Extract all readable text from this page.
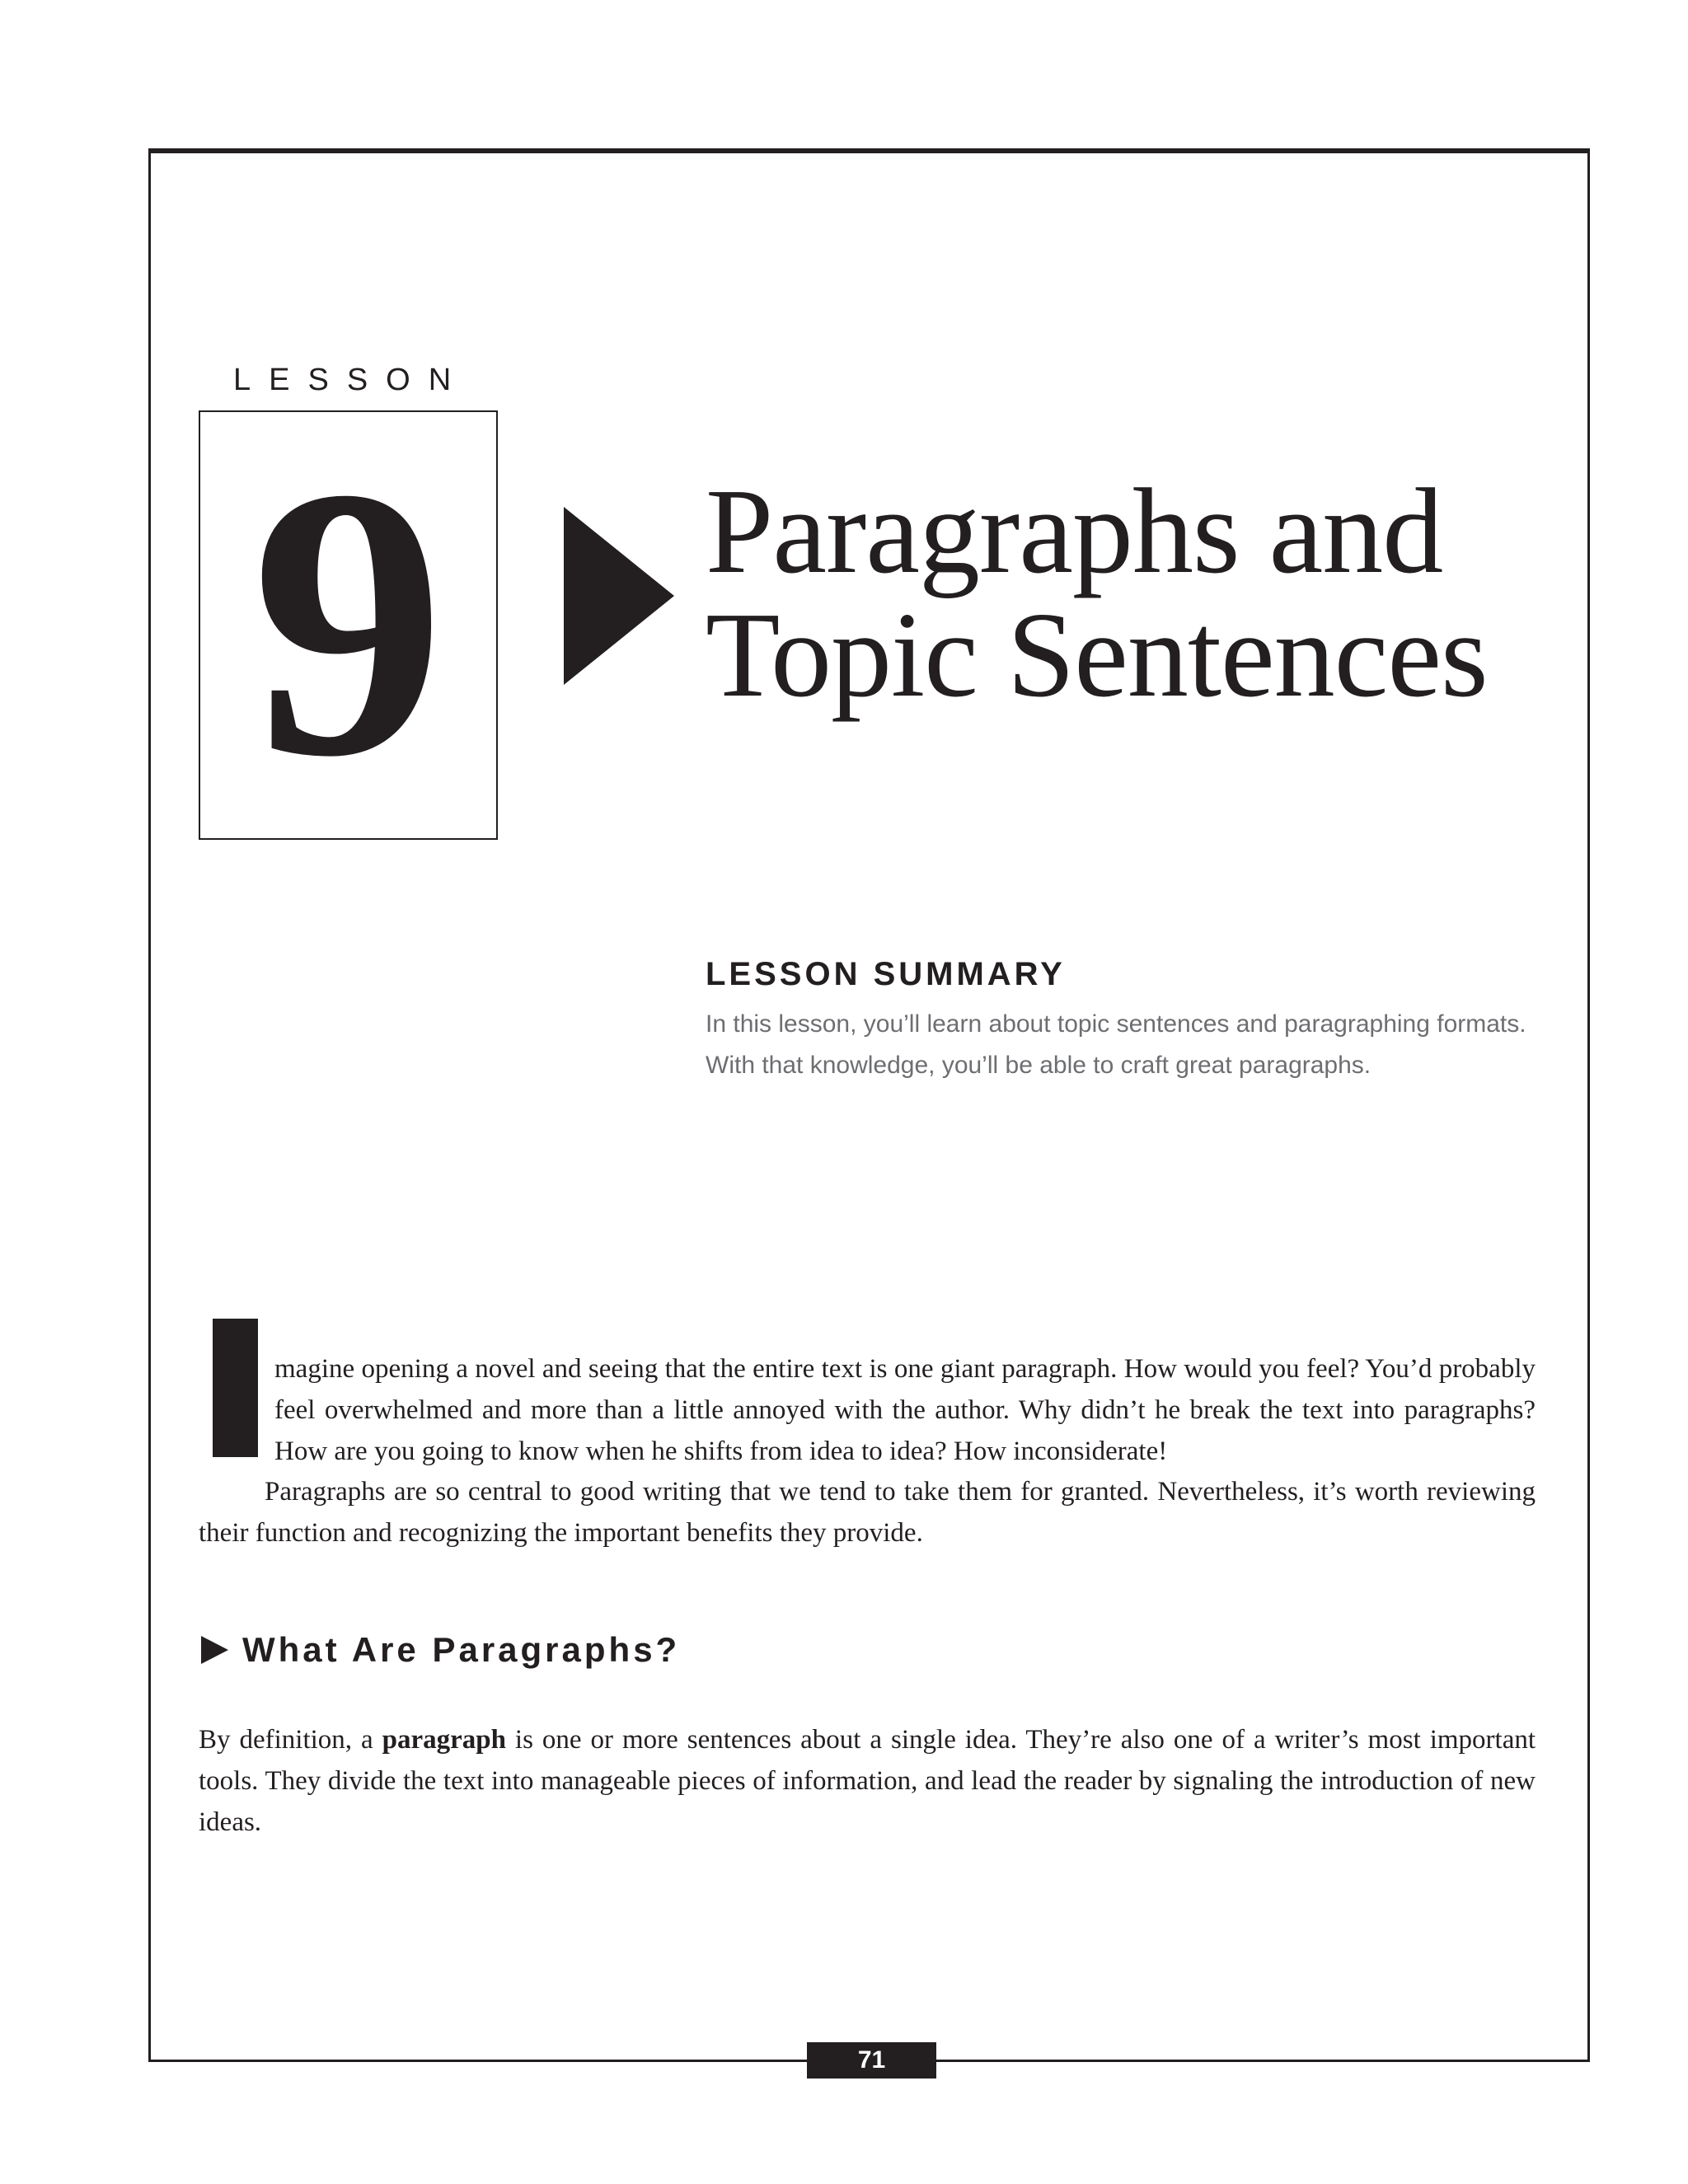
LESSON
9	Paragraphs and
Topic Sentences
LESSON SUMMARY

In this lesson, you’ll learn about topic sentences and paragraphing formats. With that knowledge, you’ll be able to craft great paragraphs.

I

magine opening a novel and seeing that the entire text is one giant paragraph. How would you feel? You’d probably feel overwhelmed and more than a little annoyed with the author. Why didn’t he break the text into paragraphs? How are you going to know when he shifts from idea to idea? How inconsiderate!

Paragraphs are so central to good writing that we tend to take them for granted. Nevertheless, it’s worth reviewing their function and recognizing the important benefits they provide.

What Are Paragraphs?

By definition, a paragraph is one or more sentences about a single idea. They’re also one of a writer’s most important tools. They divide the text into manageable pieces of information, and lead the reader by signaling the introduction of new ideas.

71
